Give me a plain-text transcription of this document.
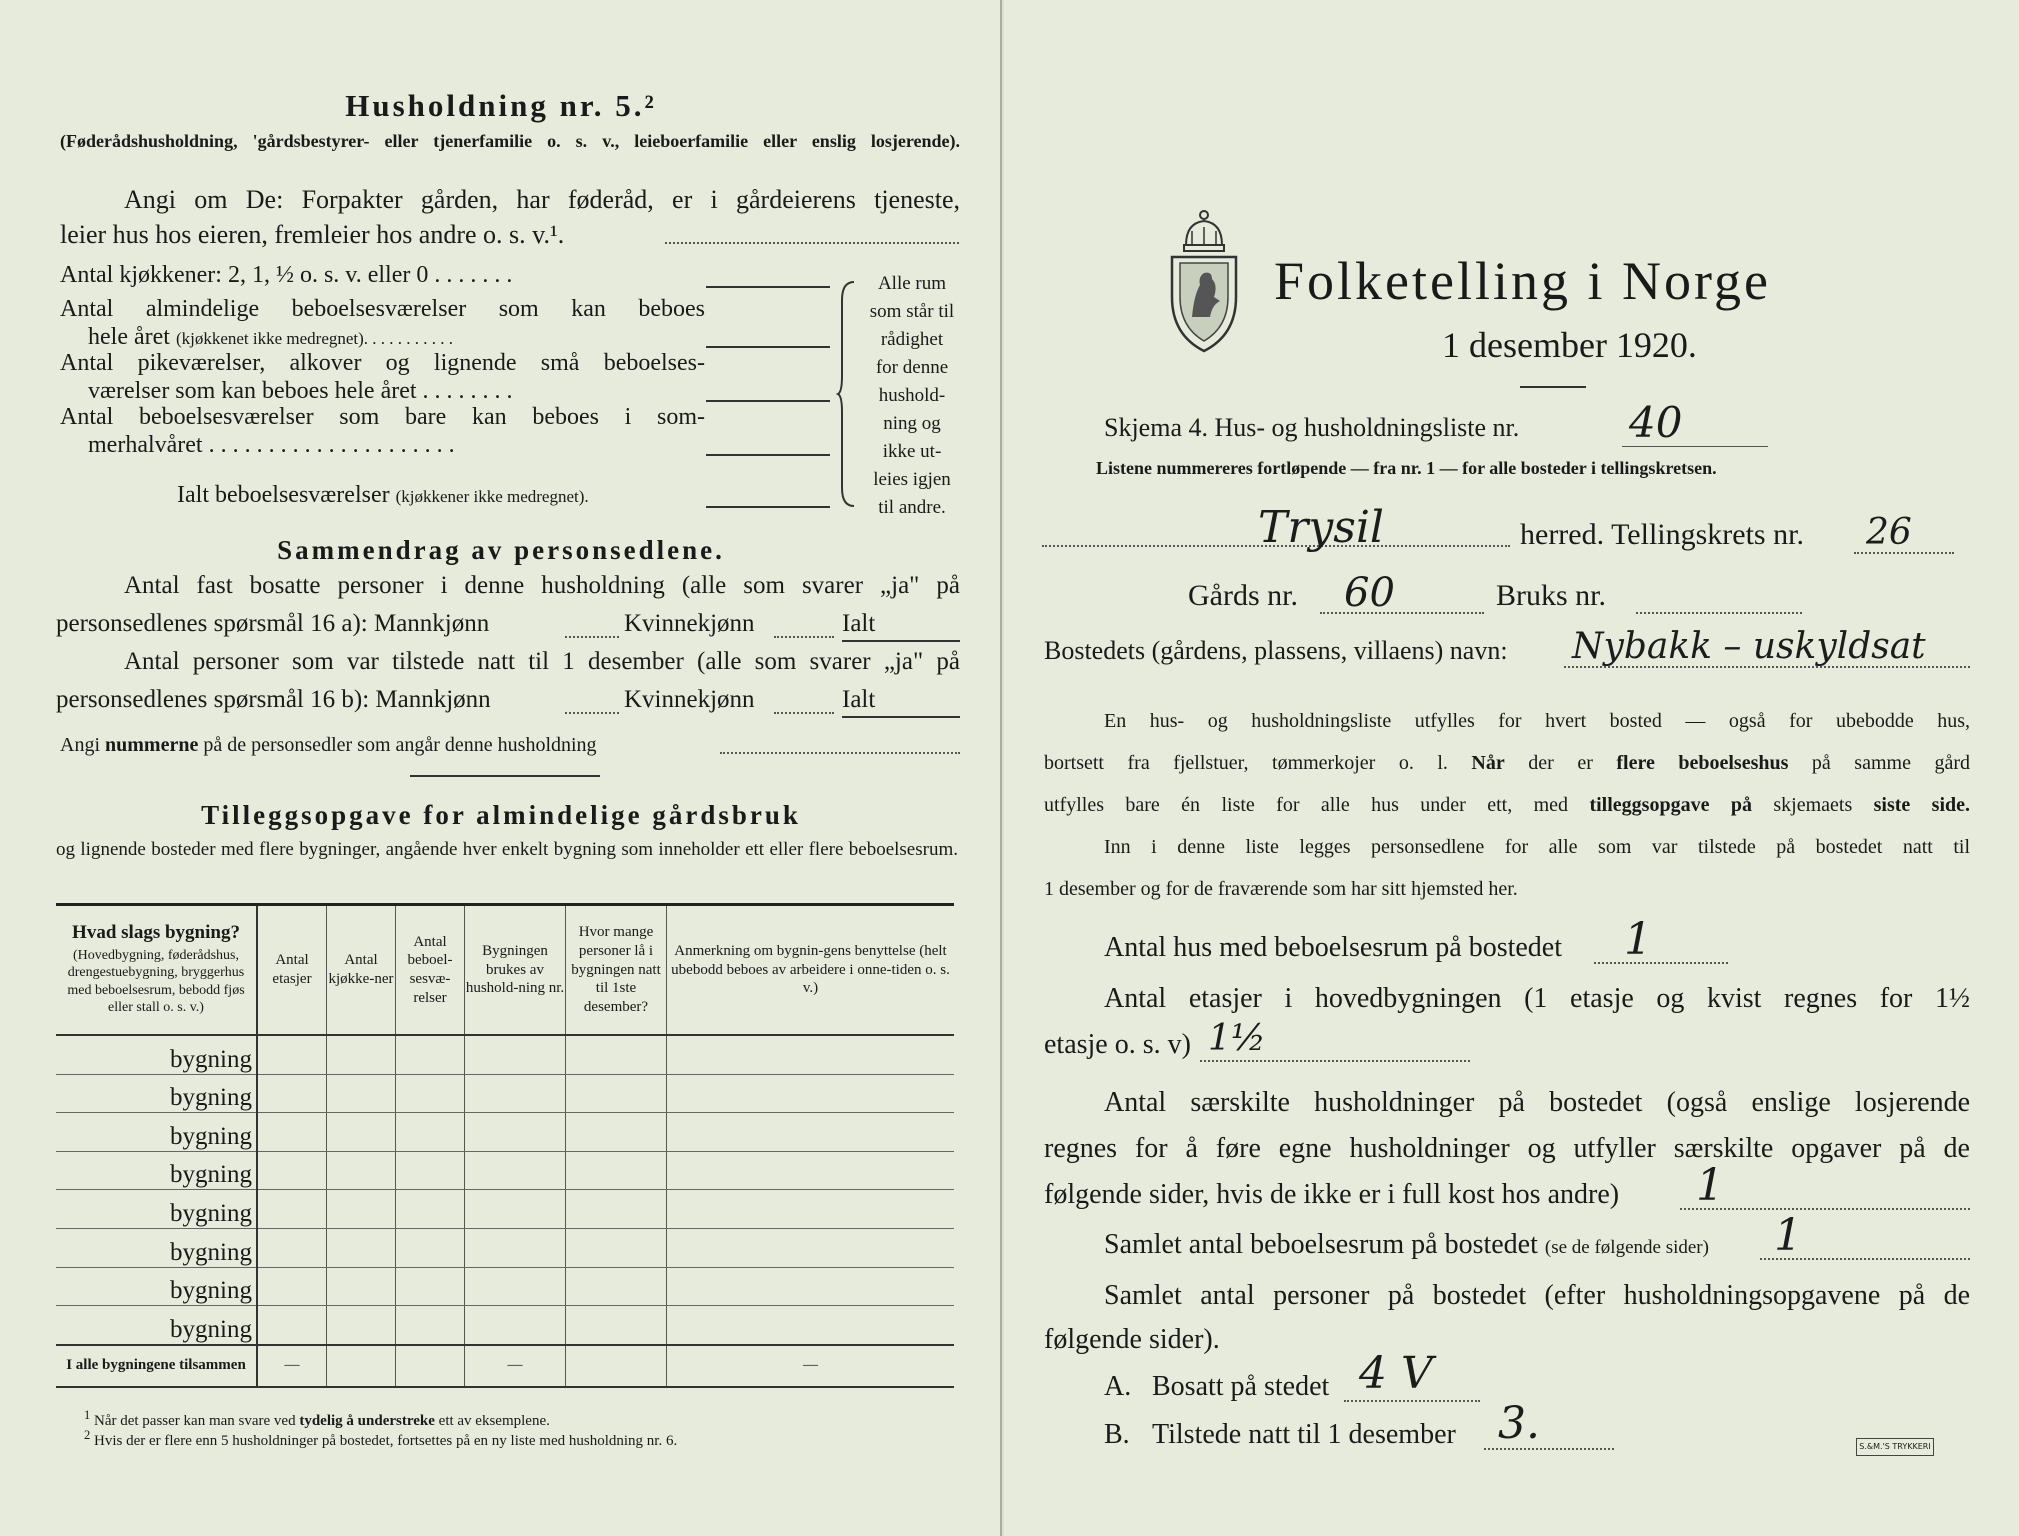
Husholdning nr. 5.²
(Føderådshusholdning, 'gårdsbestyrer- eller tjenerfamilie o. s. v., leieboerfamilie eller enslig losjerende).
Angi om De: Forpakter gården, har føderåd, er i gårdeierens tjeneste,
leier hus hos eieren, fremleier hos andre o. s. v.¹.
Antal kjøkkener: 2, 1, ½ o. s. v. eller 0 . . . . . . .
Antal almindelige beboelsesværelser som kan beboes
hele året (kjøkkenet ikke medregnet). . . . . . . . . . .
Antal pikeværelser, alkover og lignende små beboelses-
værelser som kan beboes hele året . . . . . . . .
Antal beboelsesværelser som bare kan beboes i som-
merhalvåret . . . . . . . . . . . . . . . . . . . . .
Ialt beboelsesværelser (kjøkkener ikke medregnet).
Alle rum
som står til
rådighet
for denne
hushold-
ning og
ikke ut-
leies igjen
til andre.
Sammendrag av personsedlene.
Antal fast bosatte personer i denne husholdning (alle som svarer „ja" på
personsedlenes spørsmål 16 a): Mannkjønn	Kvinnekjønn	Ialt
Antal personer som var tilstede natt til 1 desember (alle som svarer „ja" på
personsedlenes spørsmål 16 b): Mannkjønn	Kvinnekjønn	Ialt
Angi nummerne på de personsedler som angår denne husholdning
Tilleggsopgave for almindelige gårdsbruk
og lignende bosteder med flere bygninger, angående hver enkelt bygning som inneholder ett eller flere beboelsesrum.
Hvad slags bygning?
(Hovedbygning, føderådshus, drengestuebygning, bryggerhus med beboelsesrum, bebodd fjøs eller stall o. s. v.)	Antal etasjer	Antal kjøkke-ner	Antal beboel-sesvæ-relser	Bygningen brukes av hushold-ning nr.	Hvor mange personer lå i bygningen natt til 1ste desember?	Anmerkning om bygnin-gens benyttelse (helt ubebodd beboes av arbeidere i onne-tiden o. s. v.)
bygning						
bygning						
bygning						
bygning						
bygning						
bygning						
bygning						
bygning						
I alle bygningene tilsammen	—			—		—
$^1$ Når det passer kan man svare ved tydelig å understreke ett av eksemplene.
$^2$ Hvis der er flere enn 5 husholdninger på bostedet, fortsettes på en ny liste med husholdning nr. 6.
Folketelling i Norge
1 desember 1920.
Skjema 4. Hus- og husholdningsliste nr.	40
Listene nummereres fortløpende — fra nr. 1 — for alle bosteder i tellingskretsen.
Trysil	herred. Tellingskrets nr. 26
Gårds nr. 60	Bruks nr.
Bostedets (gårdens, plassens, villaens) navn: Nybakk – uskyldsat
En hus- og husholdningsliste utfylles for hvert bosted — også for ubebodde hus,
bortsett fra fjellstuer, tømmerkojer o. l. Når der er flere beboelseshus på samme gård
utfylles bare én liste for alle hus under ett, med tilleggsopgave på skjemaets siste side.
Inn i denne liste legges personsedlene for alle som var tilstede på bostedet natt til
1 desember og for de fraværende som har sitt hjemsted her.
Antal hus med beboelsesrum på bostedet 1
Antal etasjer i hovedbygningen (1 etasje og kvist regnes for 1½
etasje o. s. v) 1½
Antal særskilte husholdninger på bostedet (også enslige losjerende
regnes for å føre egne husholdninger og utfyller særskilte opgaver på de
følgende sider, hvis de ikke er i full kost hos andre) 1
Samlet antal beboelsesrum på bostedet (se de følgende sider) 1
Samlet antal personer på bostedet (efter husholdningsopgavene på de
følgende sider).
A. Bosatt på stedet 4 V
B. Tilstede natt til 1 desember 3.	S.&M.'S TRYKKERI
